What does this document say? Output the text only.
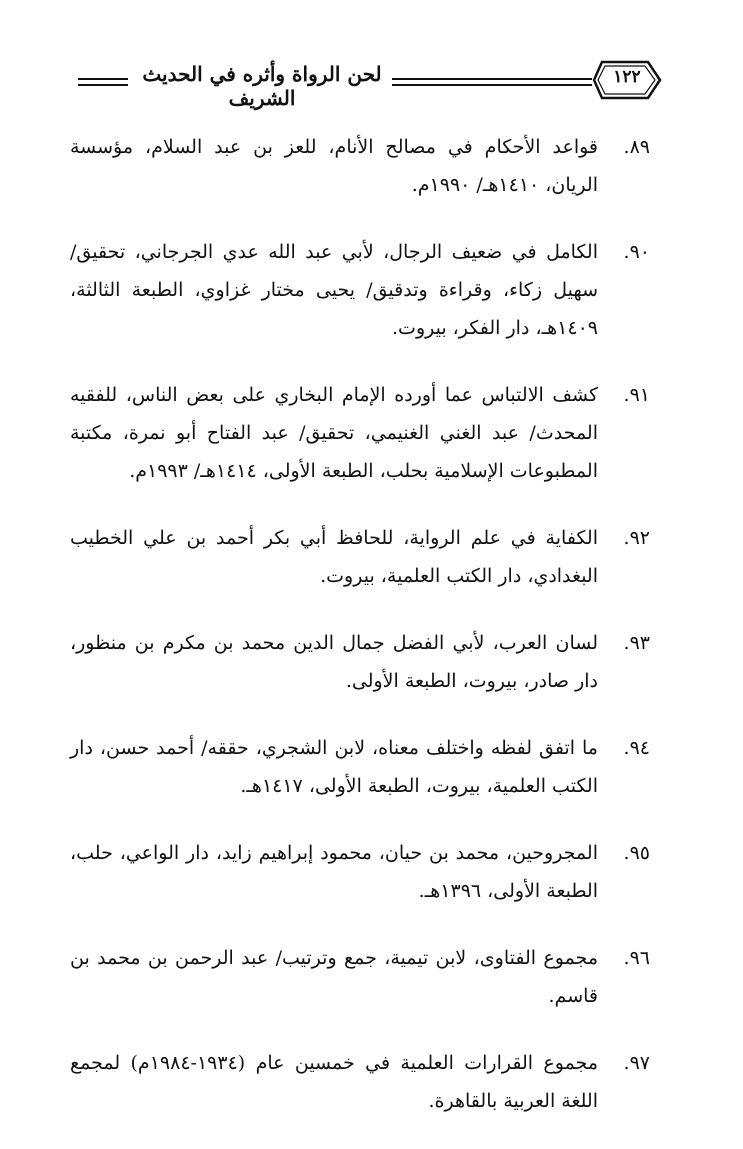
لحن الرواة وأثره في الحديث الشريف
١٢٢
٨٩.
قواعد الأحكام في مصالح الأنام، للعز بن عبد السلام، مؤسسة الريان، ١٤١٠هـ/ ١٩٩٠م.
٩٠.
الكامل في ضعيف الرجال، لأبي عبد الله عدي الجرجاني، تحقيق/ سهيل زكاء، وقراءة وتدقيق/ يحيى مختار غزاوي، الطبعة الثالثة، ١٤٠٩هـ، دار الفكر، بيروت.
٩١.
كشف الالتباس عما أورده الإمام البخاري على بعض الناس، للفقيه المحدث/ عبد الغني الغنيمي، تحقيق/ عبد الفتاح أبو نمرة، مكتبة المطبوعات الإسلامية بحلب، الطبعة الأولى، ١٤١٤هـ/ ١٩٩٣م.
٩٢.
الكفاية في علم الرواية، للحافظ أبي بكر أحمد بن علي الخطيب البغدادي، دار الكتب العلمية، بيروت.
٩٣.
لسان العرب، لأبي الفضل جمال الدين محمد بن مكرم بن منظور، دار صادر، بيروت، الطبعة الأولى.
٩٤.
ما اتفق لفظه واختلف معناه، لابن الشجري، حققه/ أحمد حسن، دار الكتب العلمية، بيروت، الطبعة الأولى، ١٤١٧هـ.
٩٥.
المجروحين، محمد بن حيان، محمود إبراهيم زايد، دار الواعي، حلب، الطبعة الأولى، ١٣٩٦هـ.
٩٦.
مجموع الفتاوى، لابن تيمية، جمع وترتيب/ عبد الرحمن بن محمد بن قاسم.
٩٧.
مجموع القرارات العلمية في خمسين عام (١٩٣٤-١٩٨٤م) لمجمع اللغة العربية بالقاهرة.
